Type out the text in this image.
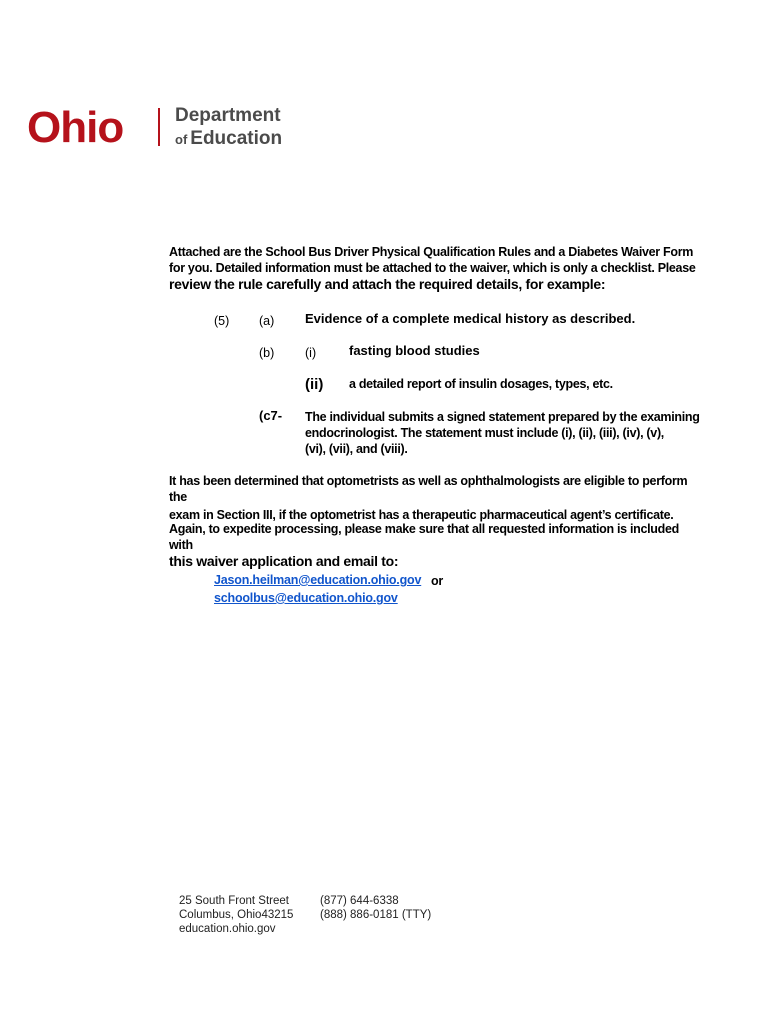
Ohio	Department
of Education
Attached are the School Bus Driver Physical Qualification Rules and a Diabetes Waiver Form
for you. Detailed information must be attached to the waiver, which is only a checklist. Please
review the rule carefully and attach the required details, for example:
(5) (a) Evidence of a complete medical history as described.
(b) (i)	fasting blood studies
(ii) a detailed report of insulin dosages, types, etc.
(c7- The individual submits a signed statement prepared by the examining
endocrinologist. The statement must include (i), (ii), (iii), (iv), (v),
(vi), (vii), and (viii).
It has been determined that optometrists as well as ophthalmologists are eligible to perform the
exam in Section III, if the optometrist has a therapeutic pharmaceutical agent’s certificate.
Again, to expedite processing, please make sure that all requested information is included with
this waiver application and email to:
Jason.heilman@education.ohio.gov or
schoolbus@education.ohio.gov
25 South Front Street
Columbus, Ohio43215
education.ohio.gov
(877) 644-6338
(888) 886-0181 (TTY)
